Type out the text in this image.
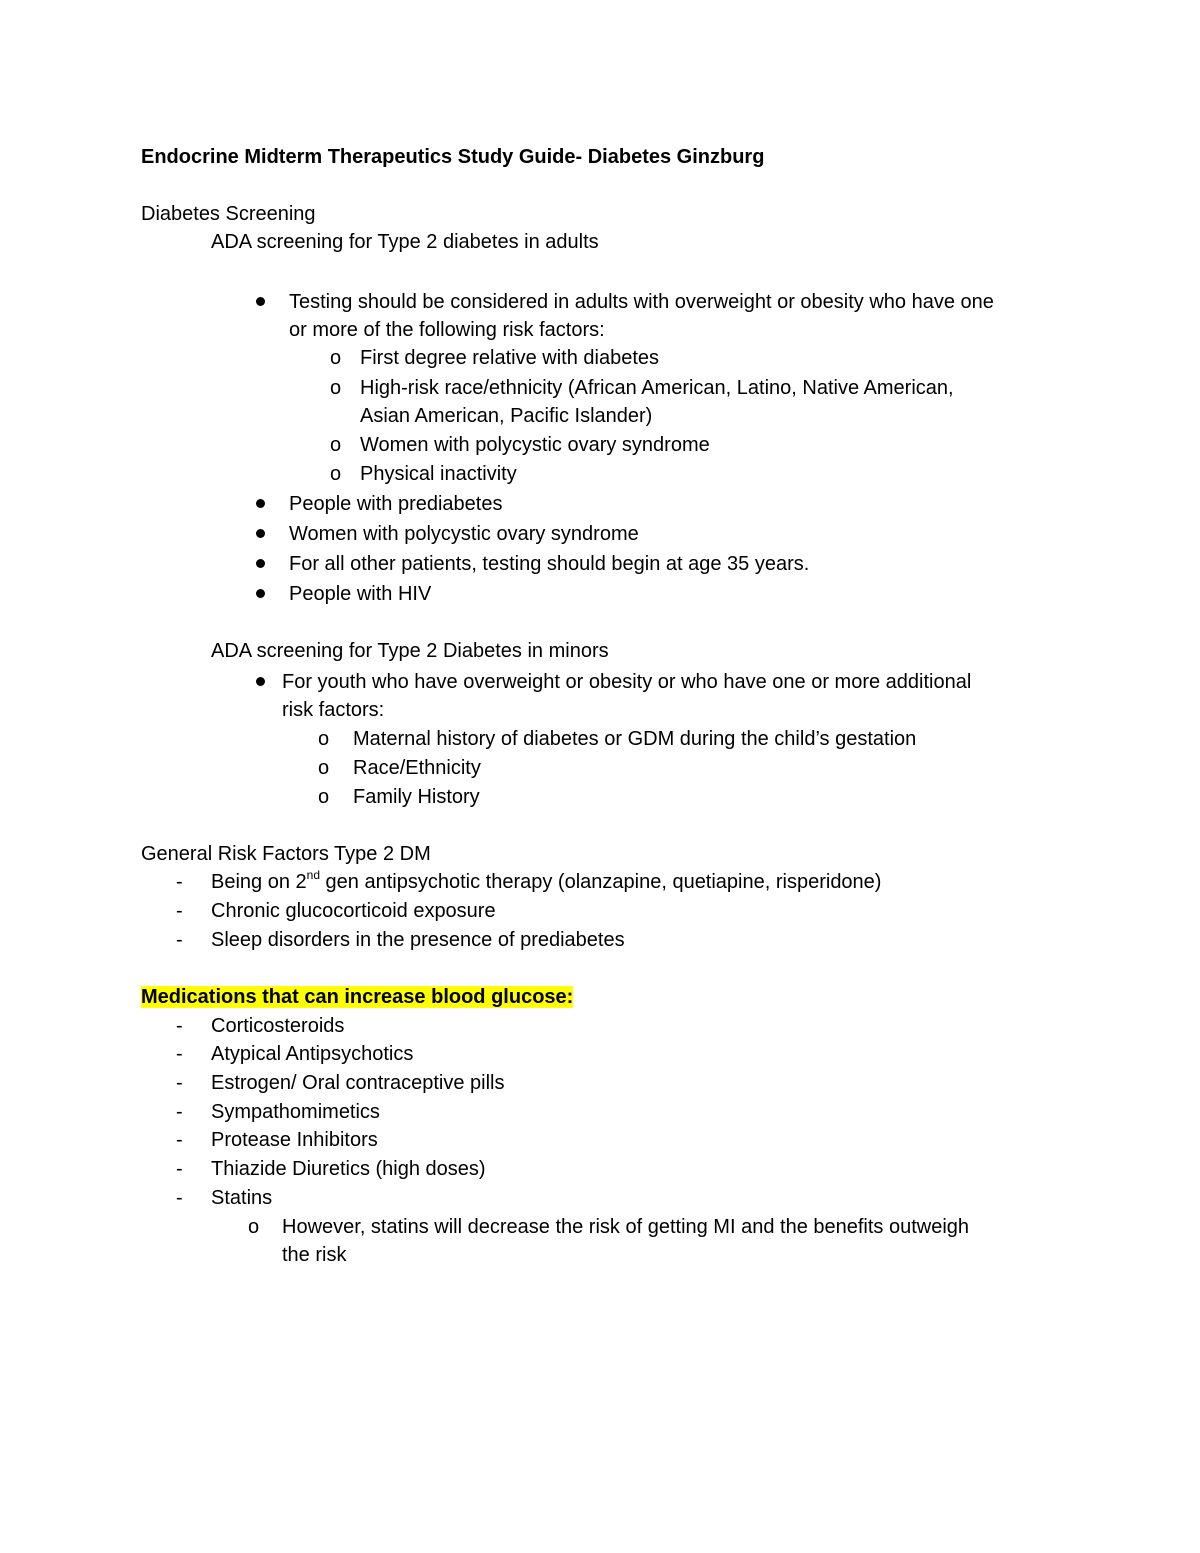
Endocrine Midterm Therapeutics Study Guide- Diabetes Ginzburg
Diabetes Screening
ADA screening for Type 2 diabetes in adults
Testing should be considered in adults with overweight or obesity who have one
or more of the following risk factors:
o First degree relative with diabetes
o High-risk race/ethnicity (African American, Latino, Native American,
Asian American, Pacific Islander)
o Women with polycystic ovary syndrome
o Physical inactivity
People with prediabetes
Women with polycystic ovary syndrome
For all other patients, testing should begin at age 35 years.
People with HIV
ADA screening for Type 2 Diabetes in minors
For youth who have overweight or obesity or who have one or more additional
risk factors:
o Maternal history of diabetes or GDM during the child’s gestation
o Race/Ethnicity
o Family History
General Risk Factors Type 2 DM
- Being on 2nd gen antipsychotic therapy (olanzapine, quetiapine, risperidone)
- Chronic glucocorticoid exposure
- Sleep disorders in the presence of prediabetes
Medications that can increase blood glucose:
- Corticosteroids
- Atypical Antipsychotics
- Estrogen/ Oral contraceptive pills
- Sympathomimetics
- Protease Inhibitors
- Thiazide Diuretics (high doses)
- Statins
o However, statins will decrease the risk of getting MI and the benefits outweigh
the risk
